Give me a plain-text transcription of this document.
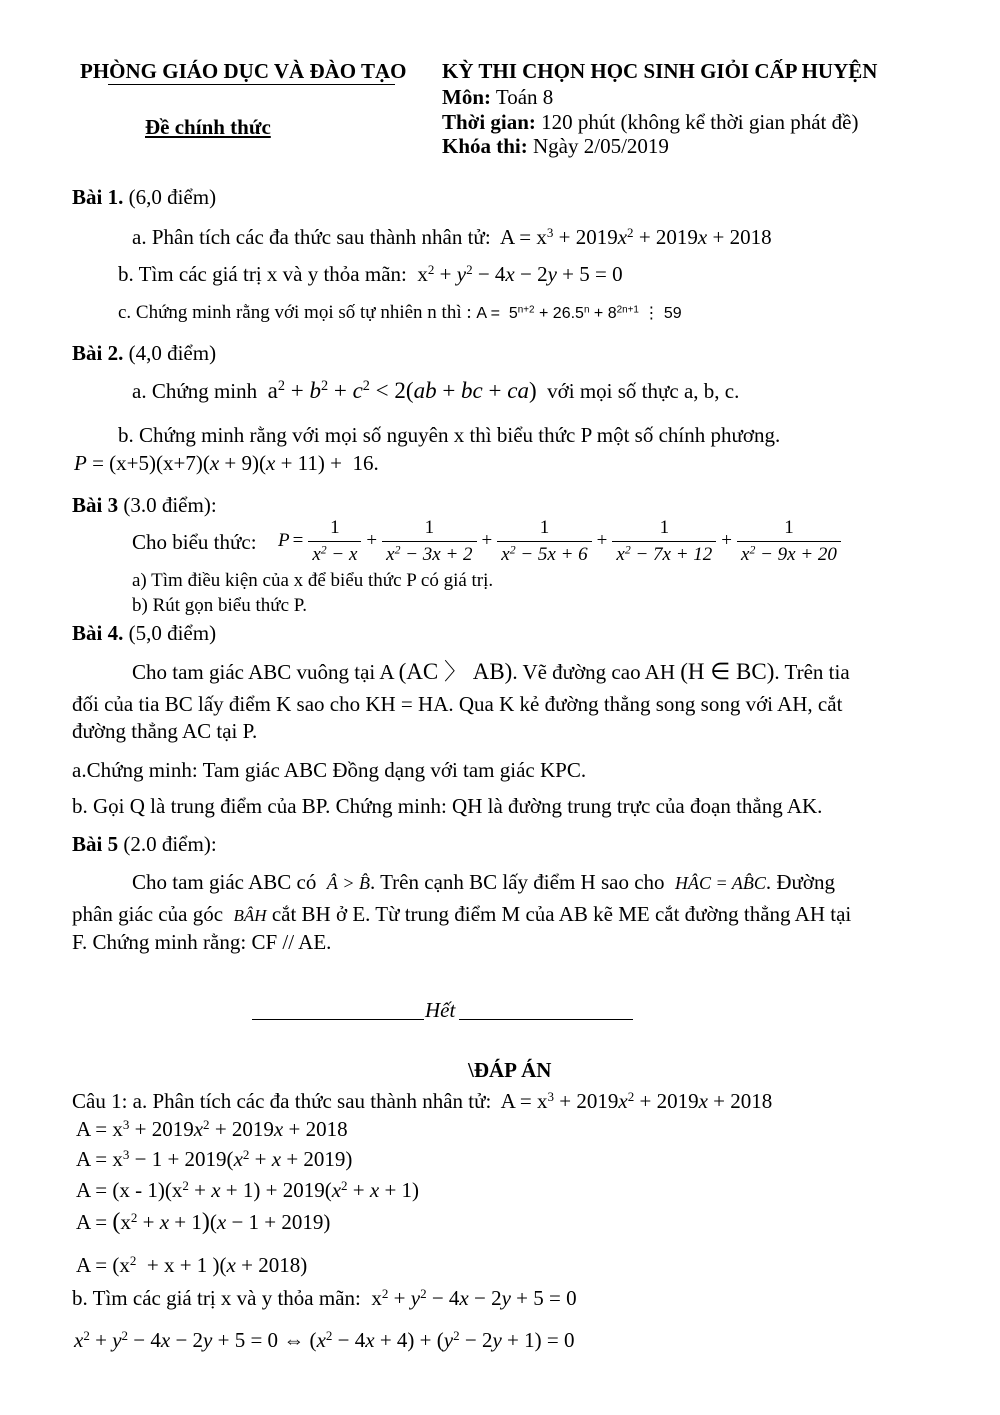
PHÒNG GIÁO DỤC VÀ ĐÀO TẠO KỲ THI CHỌN HỌC SINH GIỎI CẤP HUYỆN
Môn: Toán 8
Đề chính thức	Thời gian: 120 phút (không kể thời gian phát đề)
Khóa thi: Ngày 2/05/2019
Bài 1. (6,0 điểm)
a. Phân tích các đa thức sau thành nhân tử: $A = x^3 + 2019x^2 + 2019x + 2018$
b. Tìm các giá trị x và y thỏa mãn: $x^2 + y^2 - 4x - 2y + 5 = 0$
c. Chứng minh rằng với mọi số tự nhiên n thì : $A = 5^{n+2} + 26.5^n + 8^{2n+1}$ ⋮ 59
Bài 2. (4,0 điểm)
a. Chứng minh $a^2 + b^2 + c^2 < 2(ab$ + bc + ca) với mọi số thực a, b, c.
b. Chứng minh rằng với mọi số nguyên x thì biểu thức P một số chính phương.
P = (x+5)(x+7)(x + 9)(x + 11) +  16.
Bài 3 (3.0 điểm):
Cho biểu thức: $P = \frac{1}{x^2 - x} + \frac{1}{x^2 - 3x + 2} + \frac{1}{x^2 - 5x + 6} + \frac{1}{x^2 - 7x + 12} + \frac{1}{x^2 - 9x + 20}$
a) Tìm điều kiện của x để biểu thức P có giá trị.
b) Rút gọn biểu thức P.
Bài 4. (5,0 điểm)
Cho tam giác ABC vuông tại A (AC 〉 AB). Vẽ đường cao AH (H ∈ BC). Trên tia
đối của tia BC lấy điểm K sao cho KH = HA. Qua K kẻ đường thẳng song song với AH, cắt
đường thẳng AC tại P.
a.Chứng minh: Tam giác ABC Đồng dạng với tam giác KPC.
b. Gọi Q là trung điểm của BP. Chứng minh: QH là đường trung trực của đoạn thẳng AK.
Bài 5 (2.0 điểm):
Cho tam giác ABC có Â > B̂. Trên cạnh BC lấy điểm H sao cho HÂC = AB̂C. Đường
phân giác của góc BÂH cắt BH ở E. Từ trung điểm M của AB kẽ ME cắt đường thẳng AH tại
F. Chứng minh rằng: CF // AE.
Hết
\ĐÁP ÁN
Câu 1: a. Phân tích các đa thức sau thành nhân tử: $A = x^3 + 2019x^2 + 2019x + 2018$
$A = x^3 + 2019x^2 + 2019x + 2018$
$A = x^3 - 1 + 2019(x^2 + x + 2019)$
$A = (x - 1)(x^2 + x + 1) + 2019(x^2 + x + 1)$
$A = (x^2 + x + 1)(x - 1 + 2019)$
$A = (x^2 + x + 1$ )(x + 2018)
b. Tìm các giá trị x và y thỏa mãn: $x^2 + y^2 - 4x - 2y + 5 = 0$
$x^2 + y^2 - 4x - 2y + 5 = 0$ ⇔ $(x^2 - 4x + 4) + (y^2 - 2y + 1) = 0$
